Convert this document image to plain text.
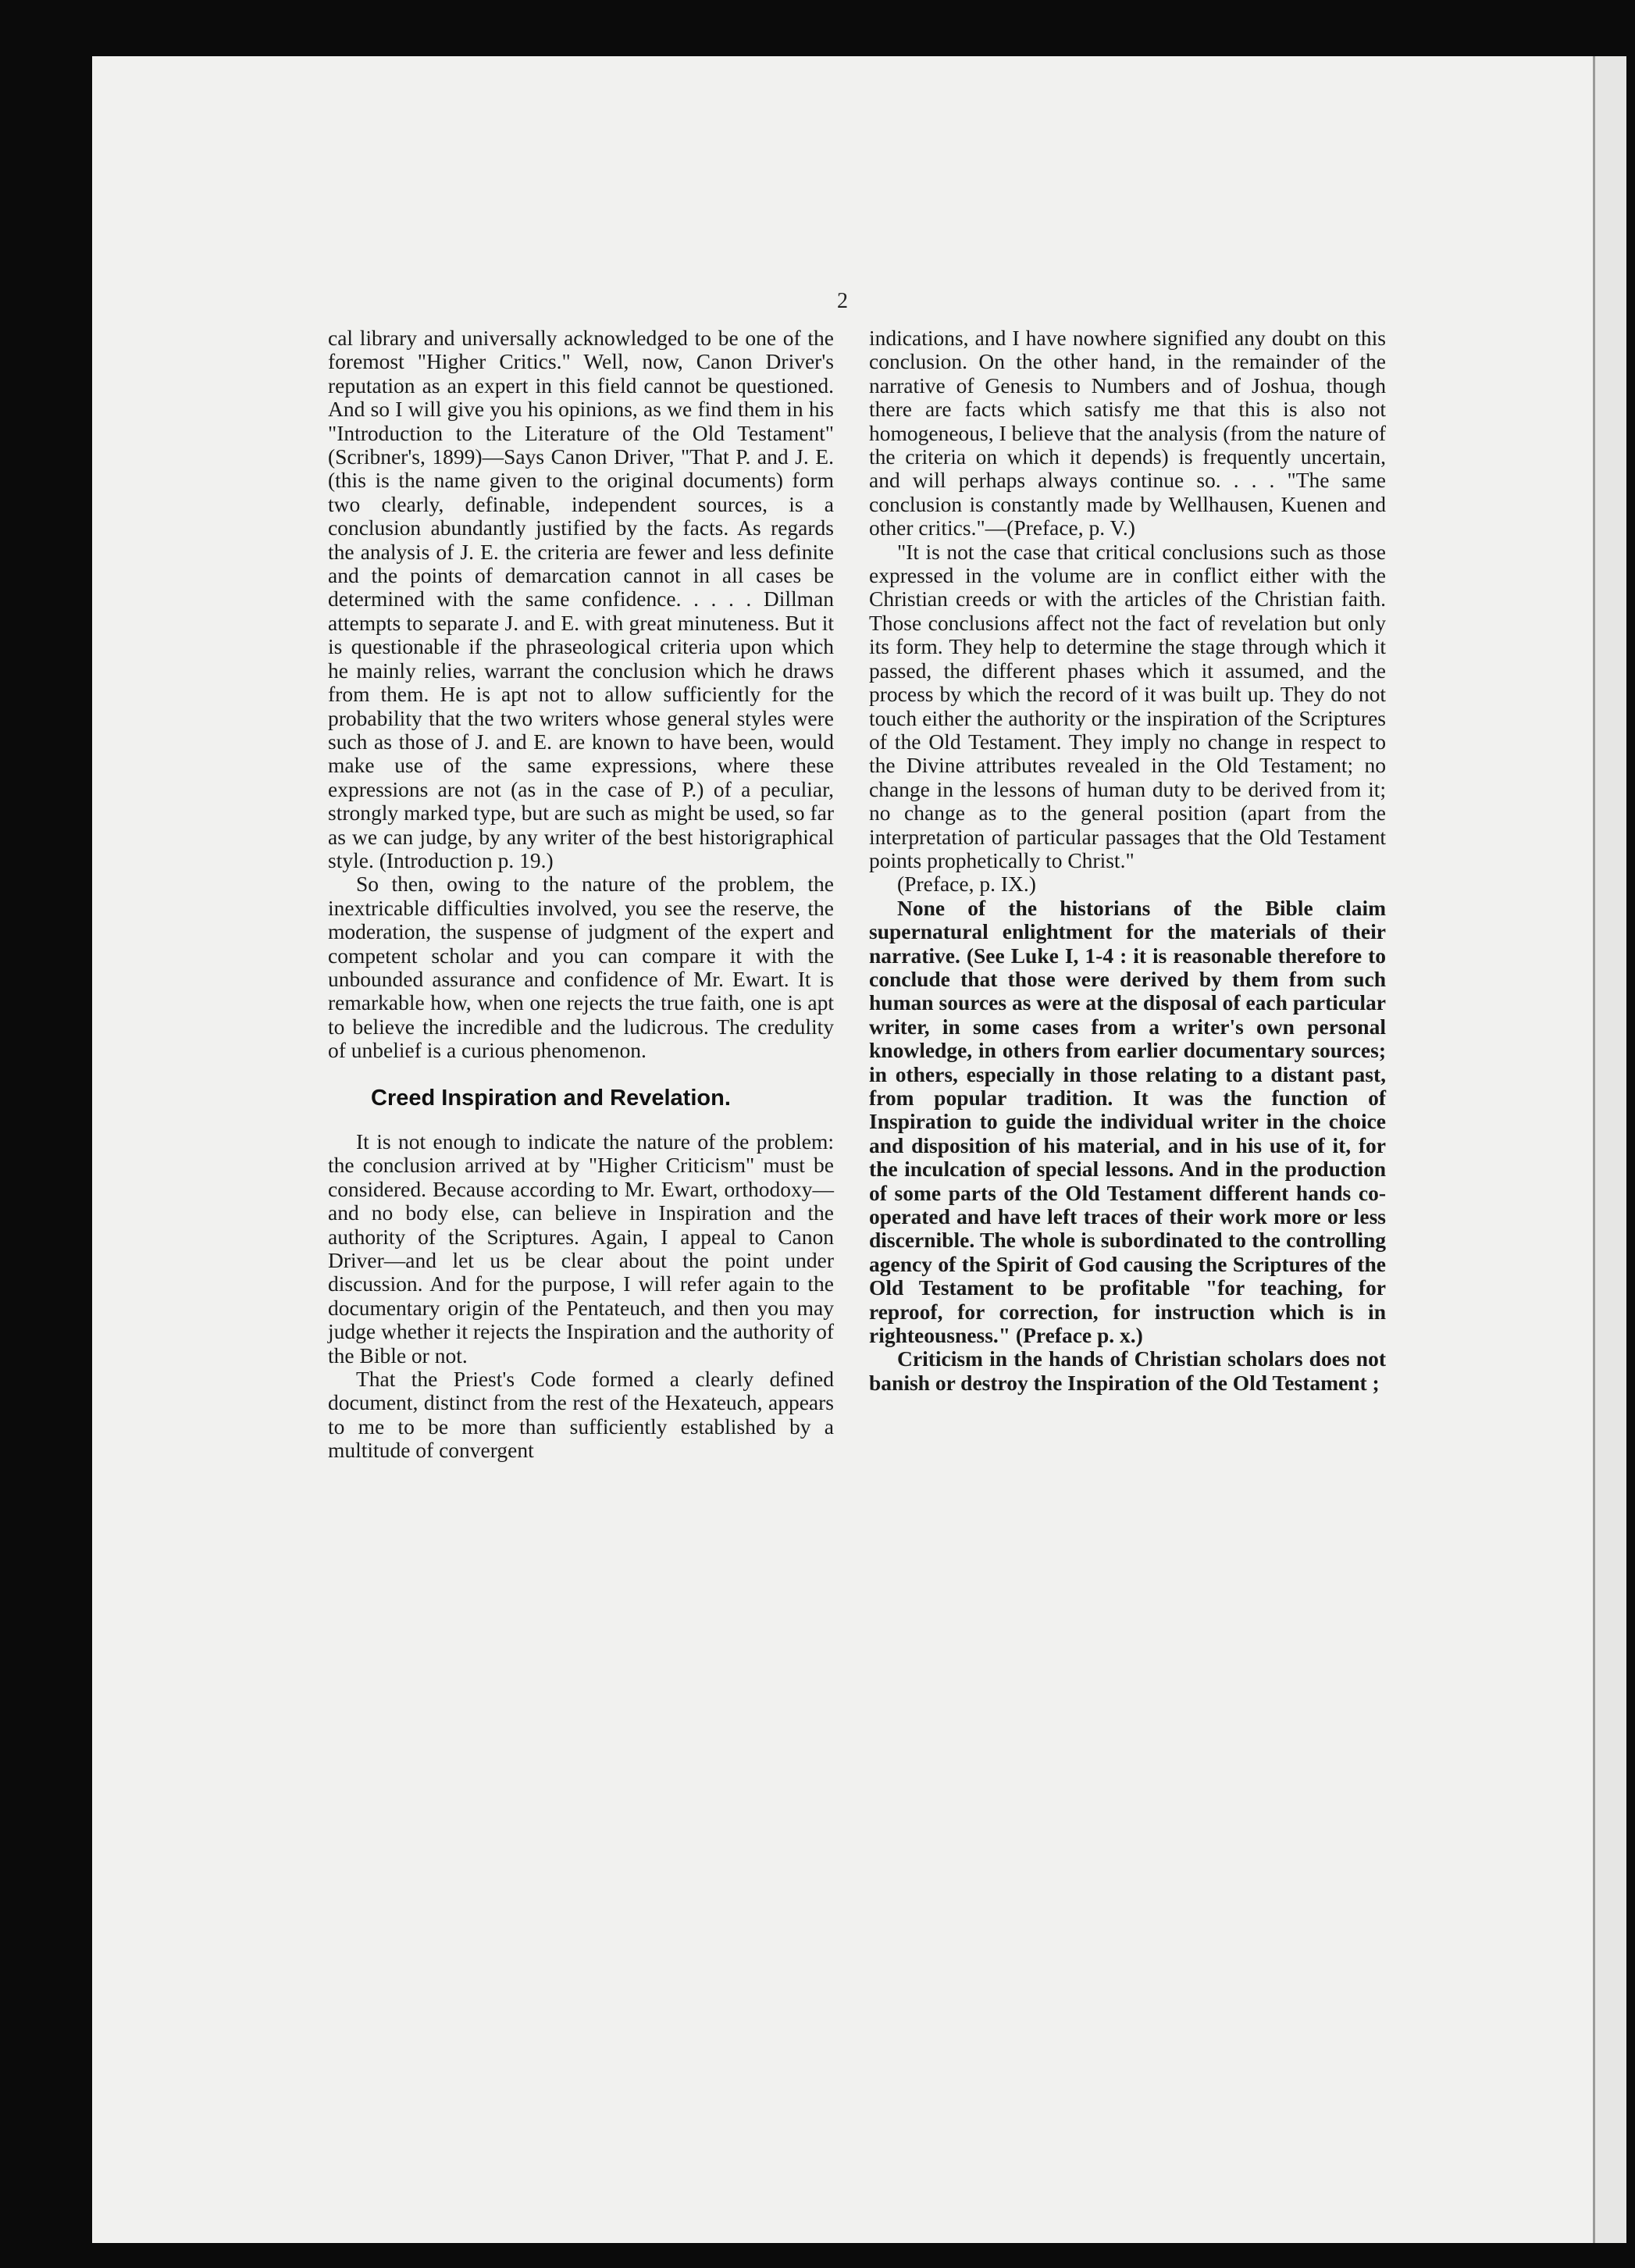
2

cal library and universally acknowledged to be one of the foremost "Higher Critics." Well, now, Canon Driver's reputation as an expert in this field cannot be questioned. And so I will give you his opinions, as we find them in his "Introduction to the Literature of the Old Testament" (Scribner's, 1899)—Says Canon Driver, "That P. and J. E. (this is the name given to the original documents) form two clearly, definable, independent sources, is a conclusion abundantly justified by the facts. As regards the analysis of J. E. the criteria are fewer and less definite and the points of demarcation cannot in all cases be determined with the same confidence. . . . . Dillman attempts to separate J. and E. with great minuteness. But it is questionable if the phraseological criteria upon which he mainly relies, warrant the conclusion which he draws from them. He is apt not to allow sufficiently for the probability that the two writers whose general styles were such as those of J. and E. are known to have been, would make use of the same expressions, where these expressions are not (as in the case of P.) of a peculiar, strongly marked type, but are such as might be used, so far as we can judge, by any writer of the best historigraphical style. (Introduction p. 19.)

So then, owing to the nature of the problem, the inextricable difficulties involved, you see the reserve, the moderation, the suspense of judgment of the expert and competent scholar and you can compare it with the unbounded assurance and confidence of Mr. Ewart. It is remarkable how, when one rejects the true faith, one is apt to believe the incredible and the ludicrous. The credulity of unbelief is a curious phenomenon.

Creed Inspiration and Revelation.

It is not enough to indicate the nature of the problem: the conclusion arrived at by "Higher Criticism" must be considered. Because according to Mr. Ewart, orthodoxy—and no body else, can believe in Inspiration and the authority of the Scriptures. Again, I appeal to Canon Driver—and let us be clear about the point under discussion. And for the purpose, I will refer again to the documentary origin of the Pentateuch, and then you may judge whether it rejects the Inspiration and the authority of the Bible or not.

That the Priest's Code formed a clearly defined document, distinct from the rest of the Hexateuch, appears to me to be more than sufficiently established by a multitude of convergent

indications, and I have nowhere signified any doubt on this conclusion. On the other hand, in the remainder of the narrative of Genesis to Numbers and of Joshua, though there are facts which satisfy me that this is also not homogeneous, I believe that the analysis (from the nature of the criteria on which it depends) is frequently uncertain, and will perhaps always continue so. . . . "The same conclusion is constantly made by Wellhausen, Kuenen and other critics."—(Preface, p. V.)

"It is not the case that critical conclusions such as those expressed in the volume are in conflict either with the Christian creeds or with the articles of the Christian faith. Those conclusions affect not the fact of revelation but only its form. They help to determine the stage through which it passed, the different phases which it assumed, and the process by which the record of it was built up. They do not touch either the authority or the inspiration of the Scriptures of the Old Testament. They imply no change in respect to the Divine attributes revealed in the Old Testament; no change in the lessons of human duty to be derived from it; no change as to the general position (apart from the interpretation of particular passages that the Old Testament points prophetically to Christ."

(Preface, p. IX.)

None of the historians of the Bible claim supernatural enlightment for the materials of their narrative. (See Luke I, 1-4 : it is reasonable therefore to conclude that those were derived by them from such human sources as were at the disposal of each particular writer, in some cases from a writer's own personal knowledge, in others from earlier documentary sources; in others, especially in those relating to a distant past, from popular tradition. It was the function of Inspiration to guide the individual writer in the choice and disposition of his material, and in his use of it, for the inculcation of special lessons. And in the production of some parts of the Old Testament different hands co-operated and have left traces of their work more or less discernible. The whole is subordinated to the controlling agency of the Spirit of God causing the Scriptures of the Old Testament to be profitable "for teaching, for reproof, for correction, for instruction which is in righteousness." (Preface p. x.)

Criticism in the hands of Christian scholars does not banish or destroy the Inspiration of the Old Testament ;
